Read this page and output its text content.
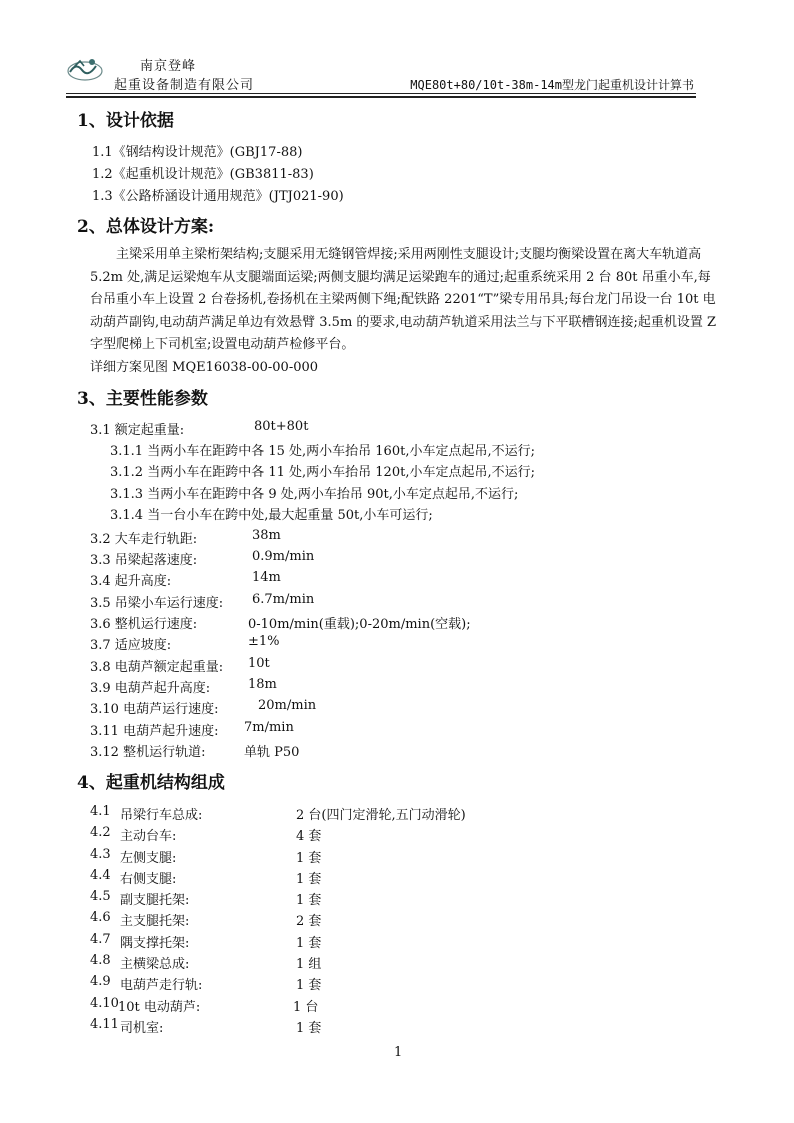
南京登峰
起重设备制造有限公司	MQE80t+80/10t-38m-14m型龙门起重机设计计算书
1、设计依据
1.1《钢结构设计规范》(GBJ17-88)
1.2《起重机设计规范》(GB3811-83)
1.3《公路桥涵设计通用规范》(JTJ021-90)
2、总体设计方案:
主梁采用单主梁桁架结构;支腿采用无缝钢管焊接;采用两刚性支腿设计;支腿均衡梁设置在离大车轨道高 5.2m 处,满足运梁炮车从支腿端面运梁;两侧支腿均满足运梁跑车的通过;起重系统采用 2 台 80t 吊重小车,每台吊重小车上设置 2 台卷扬机,卷扬机在主梁两侧下绳;配铁路 2201“T”梁专用吊具;每台龙门吊设一台 10t 电动葫芦副钩,电动葫芦满足单边有效悬臂 3.5m 的要求,电动葫芦轨道采用法兰与下平联槽钢连接;起重机设置 Z 字型爬梯上下司机室;设置电动葫芦检修平台。
详细方案见图 MQE16038-00-00-000
3、主要性能参数
3.1 额定起重量:	80t+80t
3.1.1 当两小车在距跨中各 15 处,两小车抬吊 160t,小车定点起吊,不运行;
3.1.2 当两小车在距跨中各 11 处,两小车抬吊 120t,小车定点起吊,不运行;
3.1.3 当两小车在距跨中各 9 处,两小车抬吊 90t,小车定点起吊,不运行;
3.1.4 当一台小车在跨中处,最大起重量 50t,小车可运行;
3.2 大车走行轨距:	38m
3.3 吊梁起落速度:	0.9m/min
3.4 起升高度:	14m
3.5 吊梁小车运行速度: 6.7m/min
3.6 整机运行速度:	0-10m/min(重载);0-20m/min(空载);
3.7 适应坡度:	±1%
3.8 电葫芦额定起重量: 10t
3.9 电葫芦起升高度:	18m
3.10 电葫芦运行速度:	20m/min
3.11 电葫芦起升速度: 7m/min
3.12 整机运行轨道:	单轨 P50
4、起重机结构组成
4.1 吊梁行车总成:	2 台(四门定滑轮,五门动滑轮)
4.2 主动台车:	4 套
4.3 左侧支腿:	1 套
4.4 右侧支腿:	1 套
4.5 副支腿托架:	1 套
4.6 主支腿托架:	2 套
4.7 隅支撑托架:	1 套
4.8 主横梁总成:	1 组
4.9 电葫芦走行轨:	1 套
4.10 10t 电动葫芦:	1 台
4.11 司机室:	1 套
1
